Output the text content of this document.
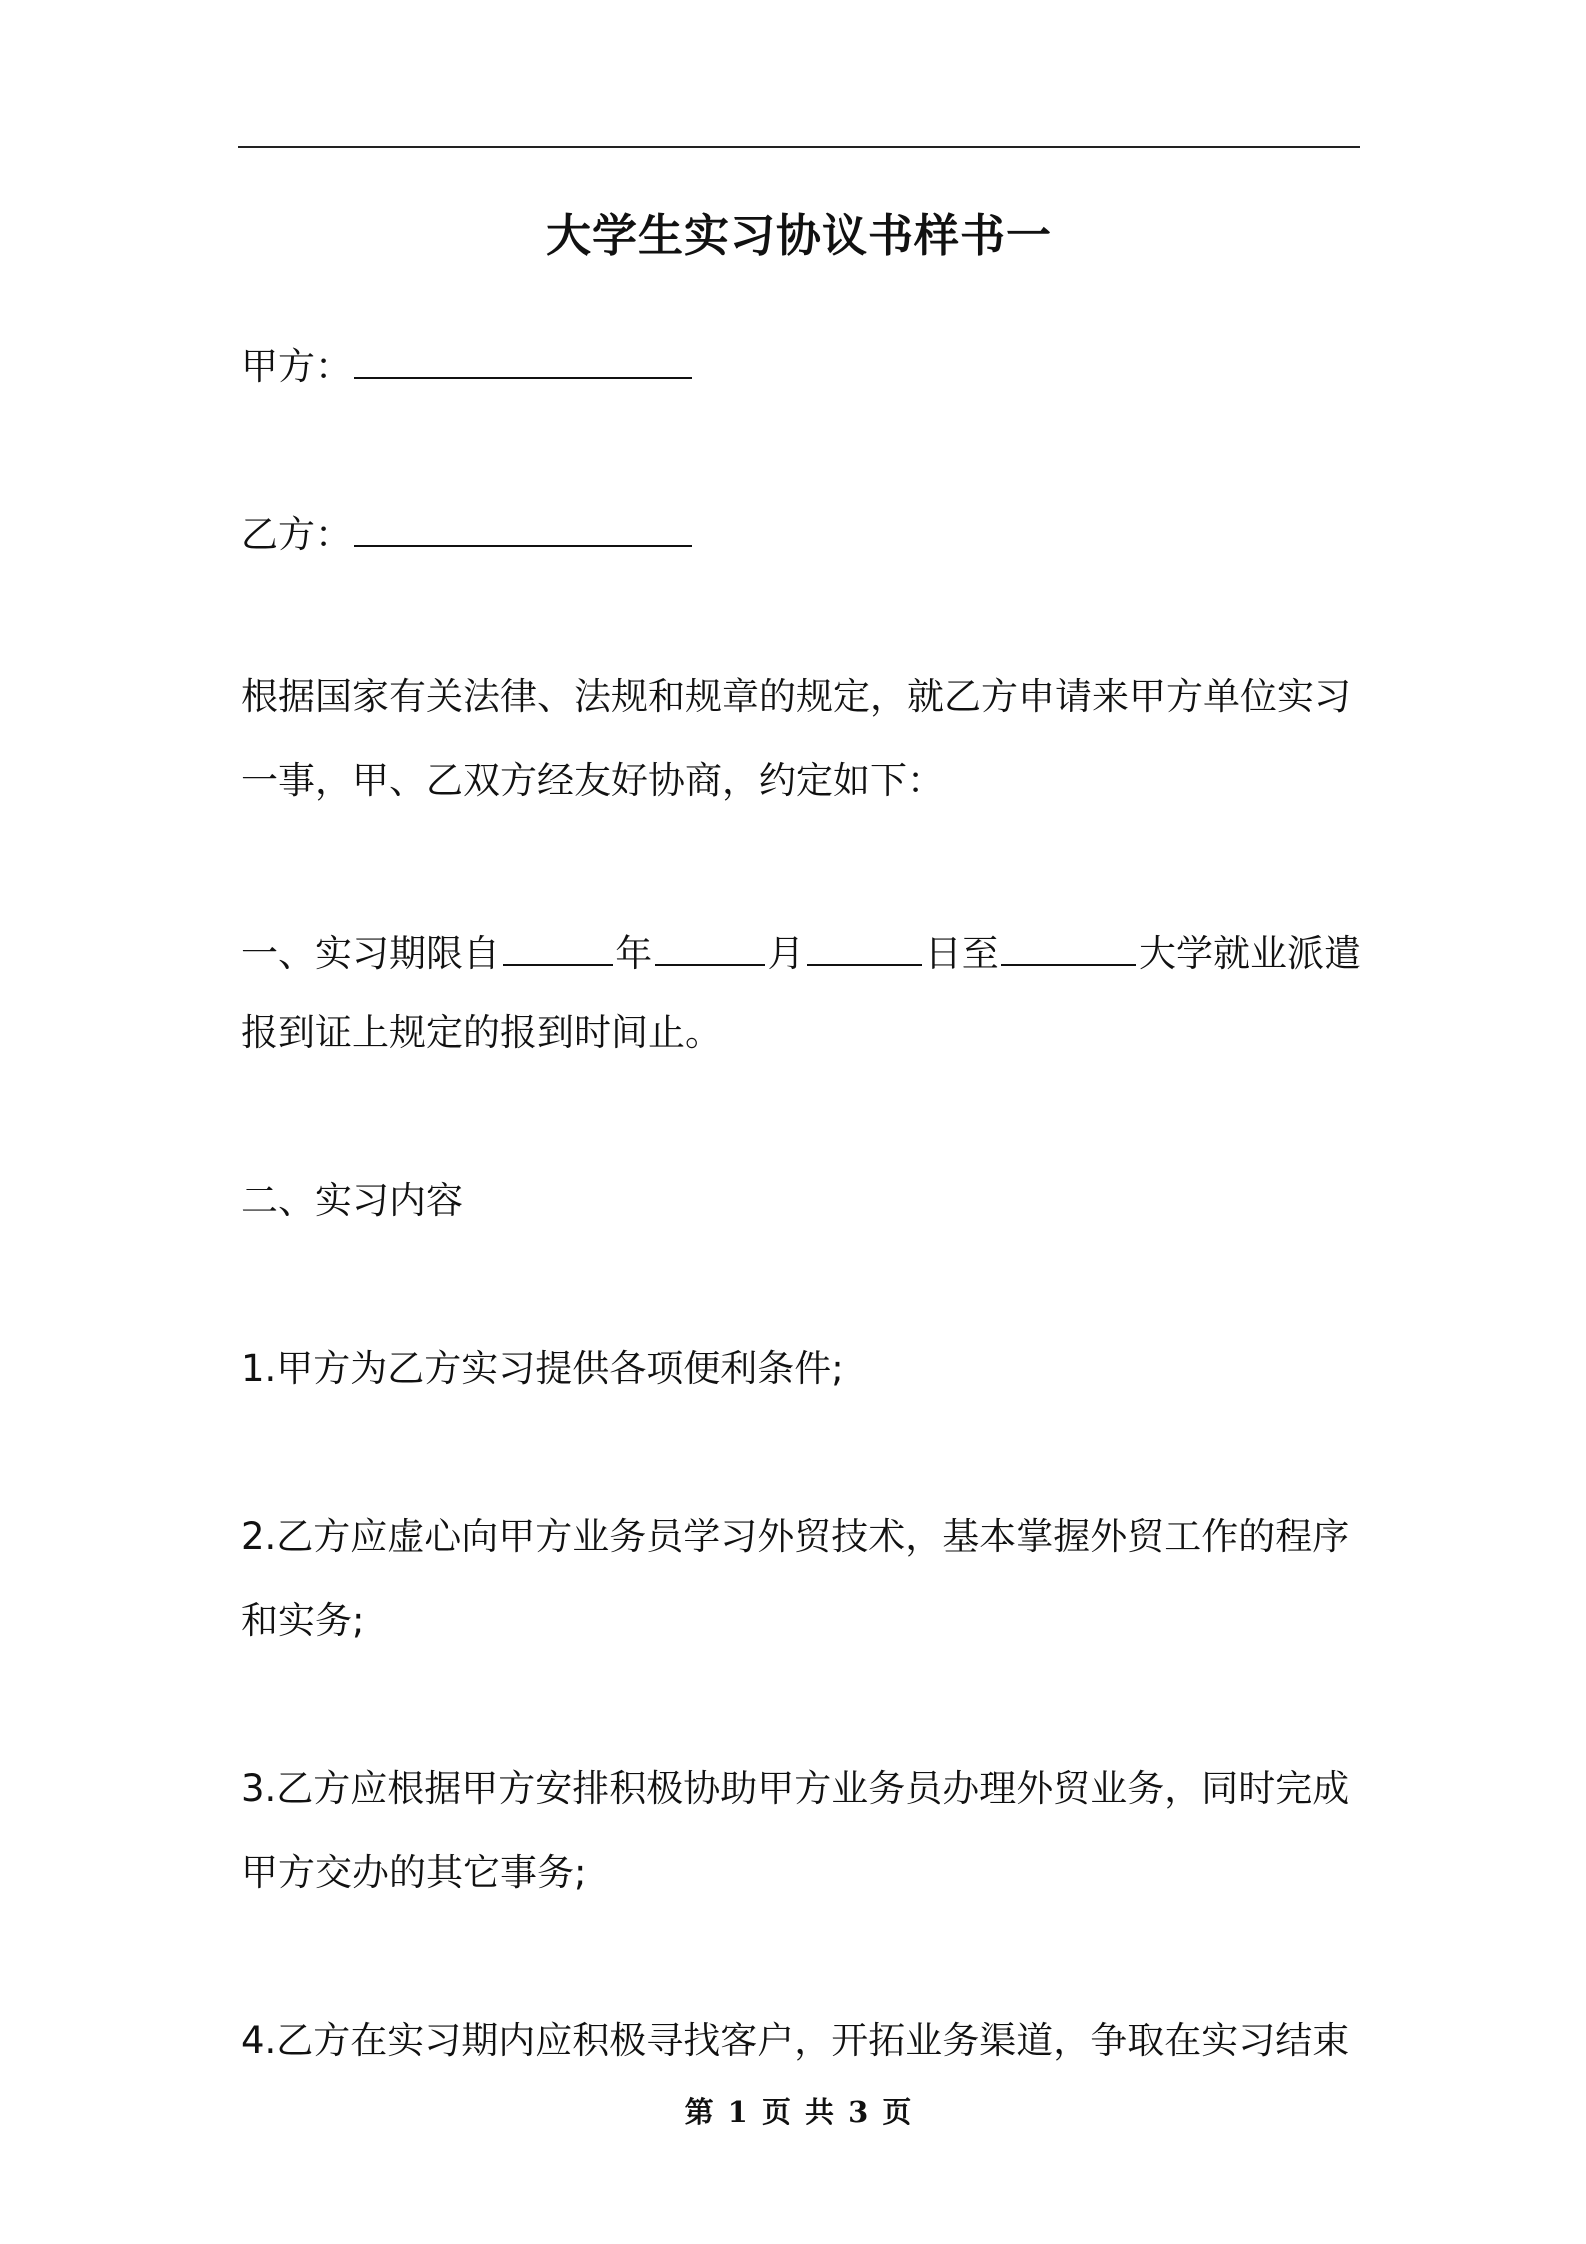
大学生实习协议书样书一
甲方：
乙方：
根据国家有关法律、法规和规章的规定，就乙方申请来甲方单位实习
一事，甲、乙双方经友好协商，约定如下：
一、实习期限自	年	月	日至	大学就业派遣
报到证上规定的报到时间止。
二、实习内容
1.甲方为乙方实习提供各项便利条件;
2.乙方应虚心向甲方业务员学习外贸技术，基本掌握外贸工作的程序
和实务;
3.乙方应根据甲方安排积极协助甲方业务员办理外贸业务，同时完成
甲方交办的其它事务;
4.乙方在实习期内应积极寻找客户，开拓业务渠道，争取在实习结束
第 1 页 共 3 页
